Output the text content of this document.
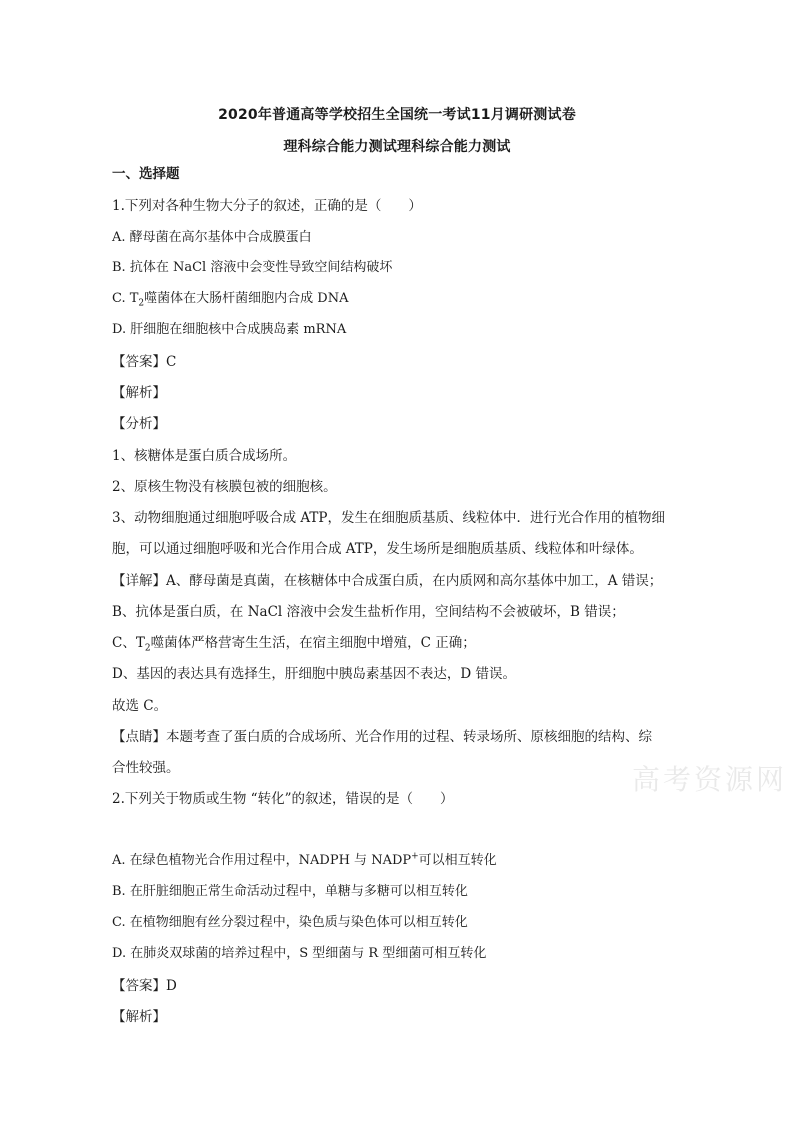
2020年普通高等学校招生全国统一考试11月调研测试卷
理科综合能力测试理科综合能力测试
一、选择题
1.下列对各种生物大分子的叙述，正确的是（　　）
A. 酵母菌在高尔基体中合成膜蛋白
B. 抗体在 NaCl 溶液中会变性导致空间结构破坏
C. $T_2$噬菌体在大肠杆菌细胞内合成 DNA
D. 肝细胞在细胞核中合成胰岛素 mRNA
【答案】C
【解析】
【分析】
1、核糖体是蛋白质合成场所。
2、原核生物没有核膜包被的细胞核。
3、动物细胞通过细胞呼吸合成 ATP，发生在细胞质基质、线粒体中．进行光合作用的植物细
胞，可以通过细胞呼吸和光合作用合成 ATP，发生场所是细胞质基质、线粒体和叶绿体。
【详解】A、酵母菌是真菌，在核糖体中合成蛋白质，在内质网和高尔基体中加工，A 错误；
B、抗体是蛋白质，在 NaCl 溶液中会发生盐析作用，空间结构不会被破坏，B 错误；
C、$T_2$噬菌体严格营寄生生活，在宿主细胞中增殖，C 正确；
D、基因的表达具有选择生，肝细胞中胰岛素基因不表达，D 错误。
故选 C。
【点睛】本题考查了蛋白质的合成场所、光合作用的过程、转录场所、原核细胞的结构、综
合性较强。	高考资源网
2.下列关于物质或生物 “转化”的叙述，错误的是（　　）
A. 在绿色植物光合作用过程中，NADPH 与 NADP+可以相互转化
B. 在肝脏细胞正常生命活动过程中，单糖与多糖可以相互转化
C. 在植物细胞有丝分裂过程中，染色质与染色体可以相互转化
D. 在肺炎双球菌的培养过程中，S 型细菌与 R 型细菌可相互转化
【答案】D
【解析】
